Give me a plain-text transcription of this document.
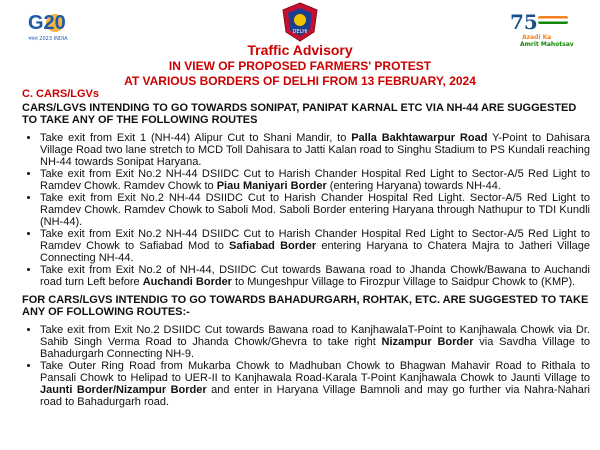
G20
भारत 2023 INDIA
DELHI	75
Azadi Ka
Amrit Mahotsav
Traffic Advisory
IN VIEW OF PROPOSED FARMERS' PROTEST
AT VARIOUS BORDERS OF DELHI FROM 13 FEBRUARY, 2024

C. CARS/LGVs

CARS/LGVS INTENDING TO GO TOWARDS SONIPAT, PANIPAT KARNAL ETC VIA NH-44 ARE SUGGESTED TO TAKE ANY OF THE FOLLOWING ROUTES

• Take exit from Exit 1 (NH-44) Alipur Cut to Shani Mandir, to Palla Bakhtawarpur Road Y-Point to Dahisara Village Road two lane stretch to MCD Toll Dahisara to Jatti Kalan road to Singhu Stadium to PS Kundali reaching NH-44 towards Sonipat Haryana.
• Take exit from Exit No.2 NH-44 DSIIDC Cut to Harish Chander Hospital Red Light to Sector-A/5 Red Light to Ramdev Chowk. Ramdev Chowk to Piau Maniyari Border (entering Haryana) towards NH-44.
• Take exit from Exit No.2 NH-44 DSIIDC Cut to Harish Chander Hospital Red Light. Sector-A/5 Red Light to Ramdev Chowk. Ramdev Chowk to Saboli Mod. Saboli Border entering Haryana through Nathupur to TDI Kundli (NH-44).
• Take exit from Exit No.2 NH-44 DSIIDC Cut to Harish Chander Hospital Red Light to Sector-A/5 Red Light to Ramdev Chowk to Safiabad Mod to Safiabad Border entering Haryana to Chatera Majra to Jatheri Village Connecting NH-44.
• Take exit from Exit No.2 of NH-44, DSIIDC Cut towards Bawana road to Jhanda Chowk/Bawana to Auchandi road turn Left before Auchandi Border to Mungeshpur Village to Firozpur Village to Saidpur Chowk to (KMP).

FOR CARS/LGVS INTENDIG TO GO TOWARDS BAHADURGARH, ROHTAK, ETC. ARE SUGGESTED TO TAKE ANY OF FOLLOWING ROUTES:-

• Take exit from Exit No.2 DSIIDC Cut towards Bawana road to KanjhawalaT-Point to Kanjhawala Chowk via Dr. Sahib Singh Verma Road to Jhanda Chowk/Ghevra to take right Nizampur Border via Savdha Village to Bahadurgarh Connecting NH-9.
• Take Outer Ring Road from Mukarba Chowk to Madhuban Chowk to Bhagwan Mahavir Road to Rithala to Pansali Chowk to Helipad to UER-II to Kanjhawala Road-Karala T-Point Kanjhawala Chowk to Jaunti Village to Jaunti Border/Nizampur Border and enter in Haryana Village Bamnoli and may go further via Nahra-Nahari road to Bahadurgarh road.
